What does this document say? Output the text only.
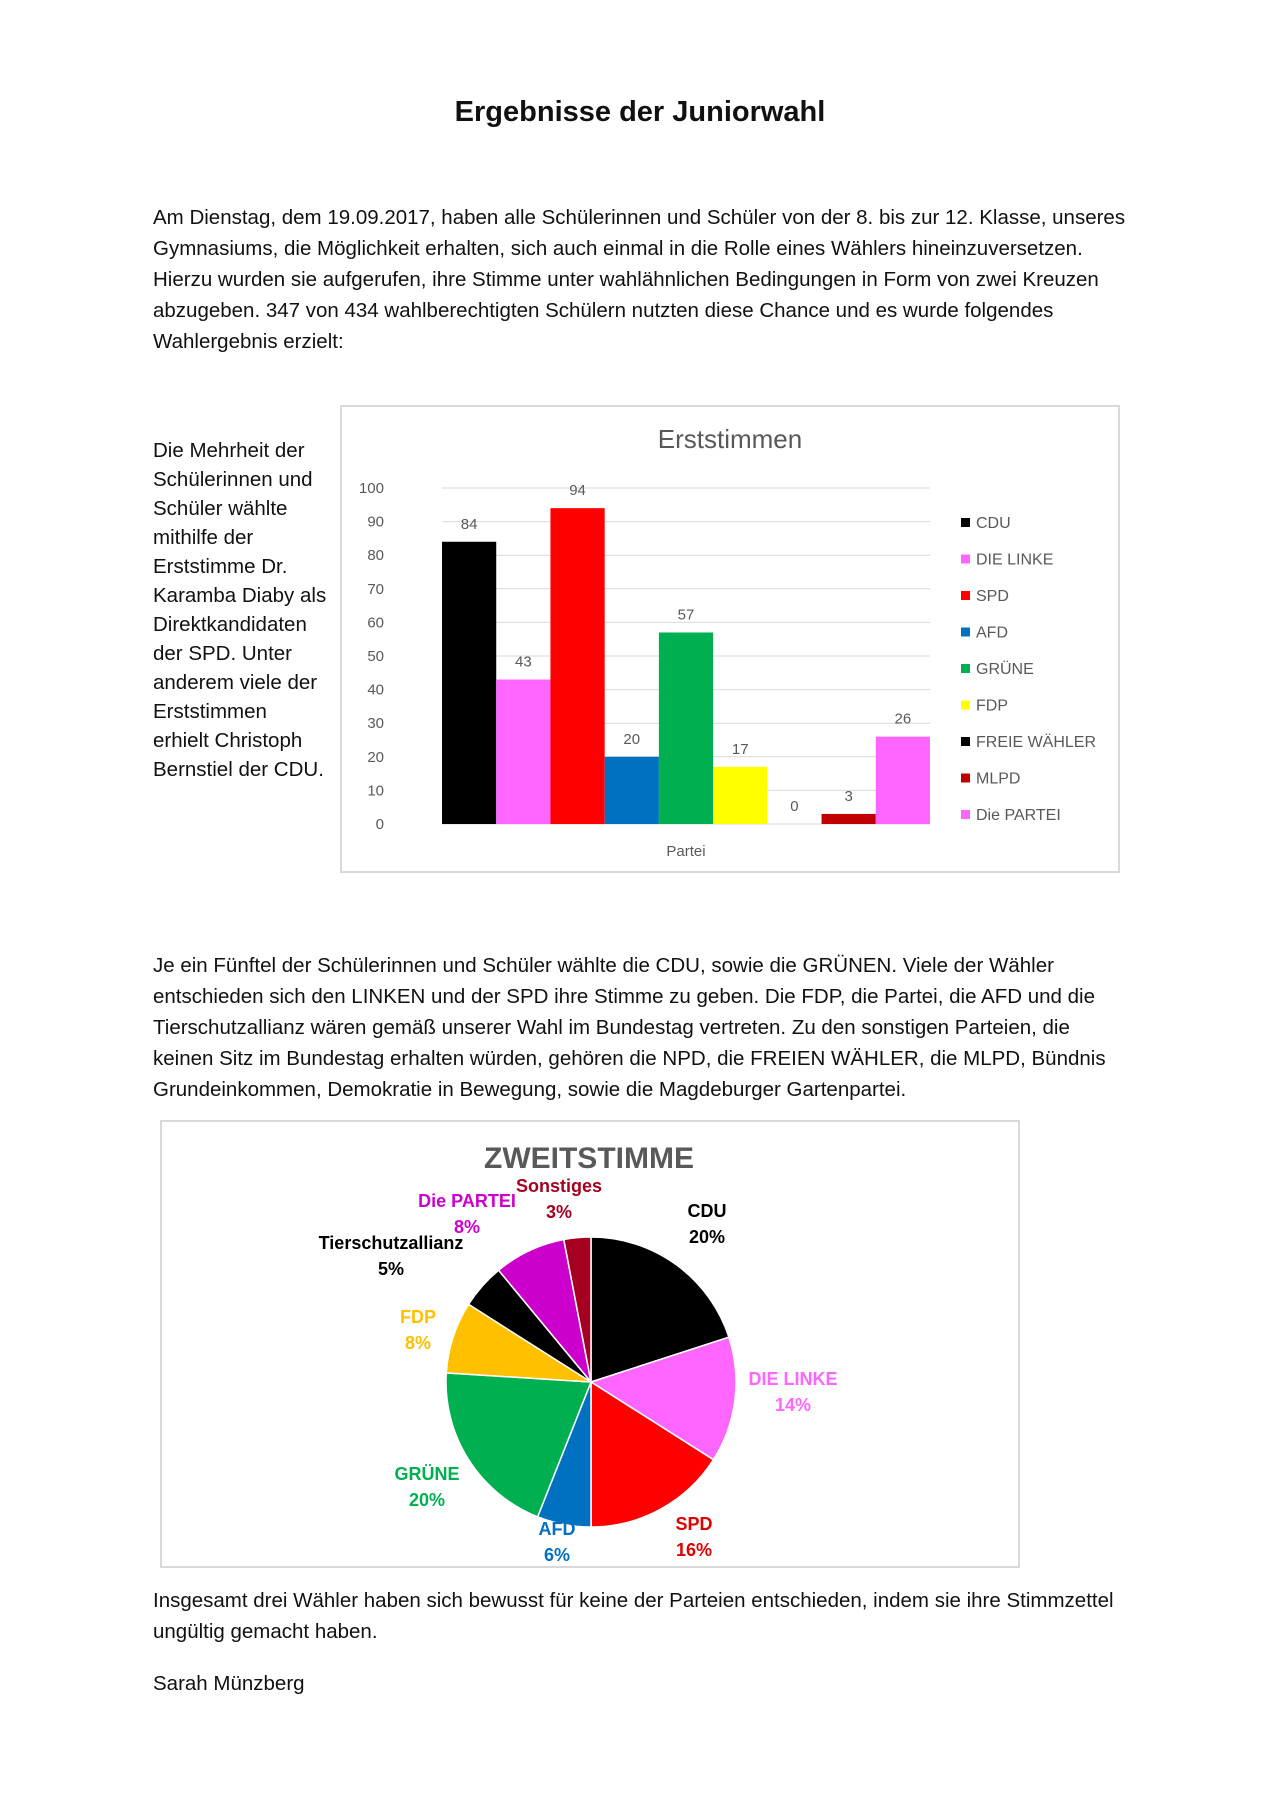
Ergebnisse der Juniorwahl

Am Dienstag, dem 19.09.2017, haben alle Schülerinnen und Schüler von der 8. bis zur 12. Klasse, unseres Gymnasiums, die Möglichkeit erhalten, sich auch einmal in die Rolle eines Wählers hineinzuversetzen. Hierzu wurden sie aufgerufen, ihre Stimme unter wahlähnlichen Bedingungen in Form von zwei Kreuzen abzugeben. 347 von 434 wahlberechtigten Schülern nutzten diese Chance und es wurde folgendes Wahlergebnis erzielt:

Die Mehrheit der Schülerinnen und Schüler wählte mithilfe der Erststimme Dr. Karamba Diaby als Direktkandidaten der SPD. Unter anderem viele der Erststimmen erhielt Christoph Bernstiel der CDU.

Erststimmen
0
10
20
30
40
50
60
70
80
90
100
84
43
94
20
57
17
0
3
26
Partei
CDU
DIE LINKE
SPD
AFD
GRÜNE
FDP
FREIE WÄHLER
MLPD
Die PARTEI

Je ein Fünftel der Schülerinnen und Schüler wählte die CDU, sowie die GRÜNEN. Viele der Wähler entschieden sich den LINKEN und der SPD ihre Stimme zu geben. Die FDP, die Partei, die AFD und die Tierschutzallianz wären gemäß unserer Wahl im Bundestag vertreten. Zu den sonstigen Parteien, die keinen Sitz im Bundestag erhalten würden, gehören die NPD, die FREIEN WÄHLER, die MLPD, Bündnis Grundeinkommen, Demokratie in Bewegung, sowie die Magdeburger Gartenpartei.

ZWEITSTIMME
CDU
20%
DIE LINKE
14%
SPD
16%
AFD
6%
GRÜNE
20%
FDP
8%
Tierschutzallianz
5%
Die PARTEI
8%
Sonstiges
3%

Insgesamt drei Wähler haben sich bewusst für keine der Parteien entschieden, indem sie ihre Stimmzettel ungültig gemacht haben.

Sarah Münzberg
